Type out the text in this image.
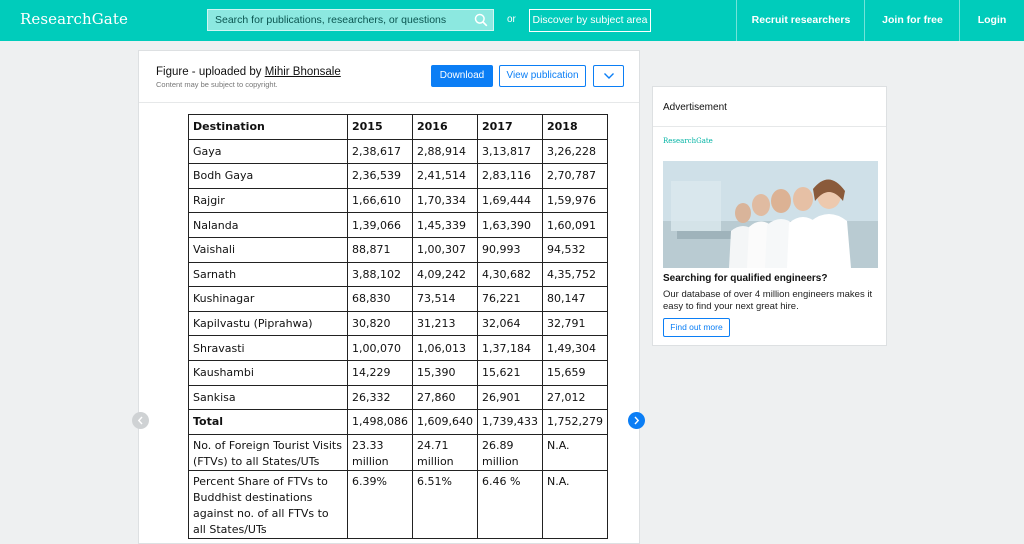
ResearchGate
Search for publications, researchers, or questions	or	Discover by subject area	Recruit researchers	Join for free	Login
Figure - uploaded by Mihir Bhonsale
Content may be subject to copyright.
Download	View publication
Destination	2015	2016	2017	2018
Gaya	2,38,617	2,88,914	3,13,817	3,26,228
Bodh Gaya	2,36,539	2,41,514	2,83,116	2,70,787
Rajgir	1,66,610	1,70,334	1,69,444	1,59,976
Nalanda	1,39,066	1,45,339	1,63,390	1,60,091
Vaishali	88,871	1,00,307	90,993	94,532
Sarnath	3,88,102	4,09,242	4,30,682	4,35,752
Kushinagar	68,830	73,514	76,221	80,147
Kapilvastu (Piprahwa)	30,820	31,213	32,064	32,791
Shravasti	1,00,070	1,06,013	1,37,184	1,49,304
Kaushambi	14,229	15,390	15,621	15,659
Sankisa	26,332	27,860	26,901	27,012
Total	1,498,086	1,609,640	1,739,433	1,752,279
No. of Foreign Tourist Visits (FTVs) to all States/UTs	23.33 million	24.71 million	26.89 million	N.A.
Percent Share of FTVs to Buddhist destinations against no. of all FTVs to all States/UTs	6.39%	6.51%	6.46 %	N.A.
Advertisement
ResearchGate
Searching for qualified engineers?
Our database of over 4 million engineers makes it easy to find your next great hire.
Find out more
